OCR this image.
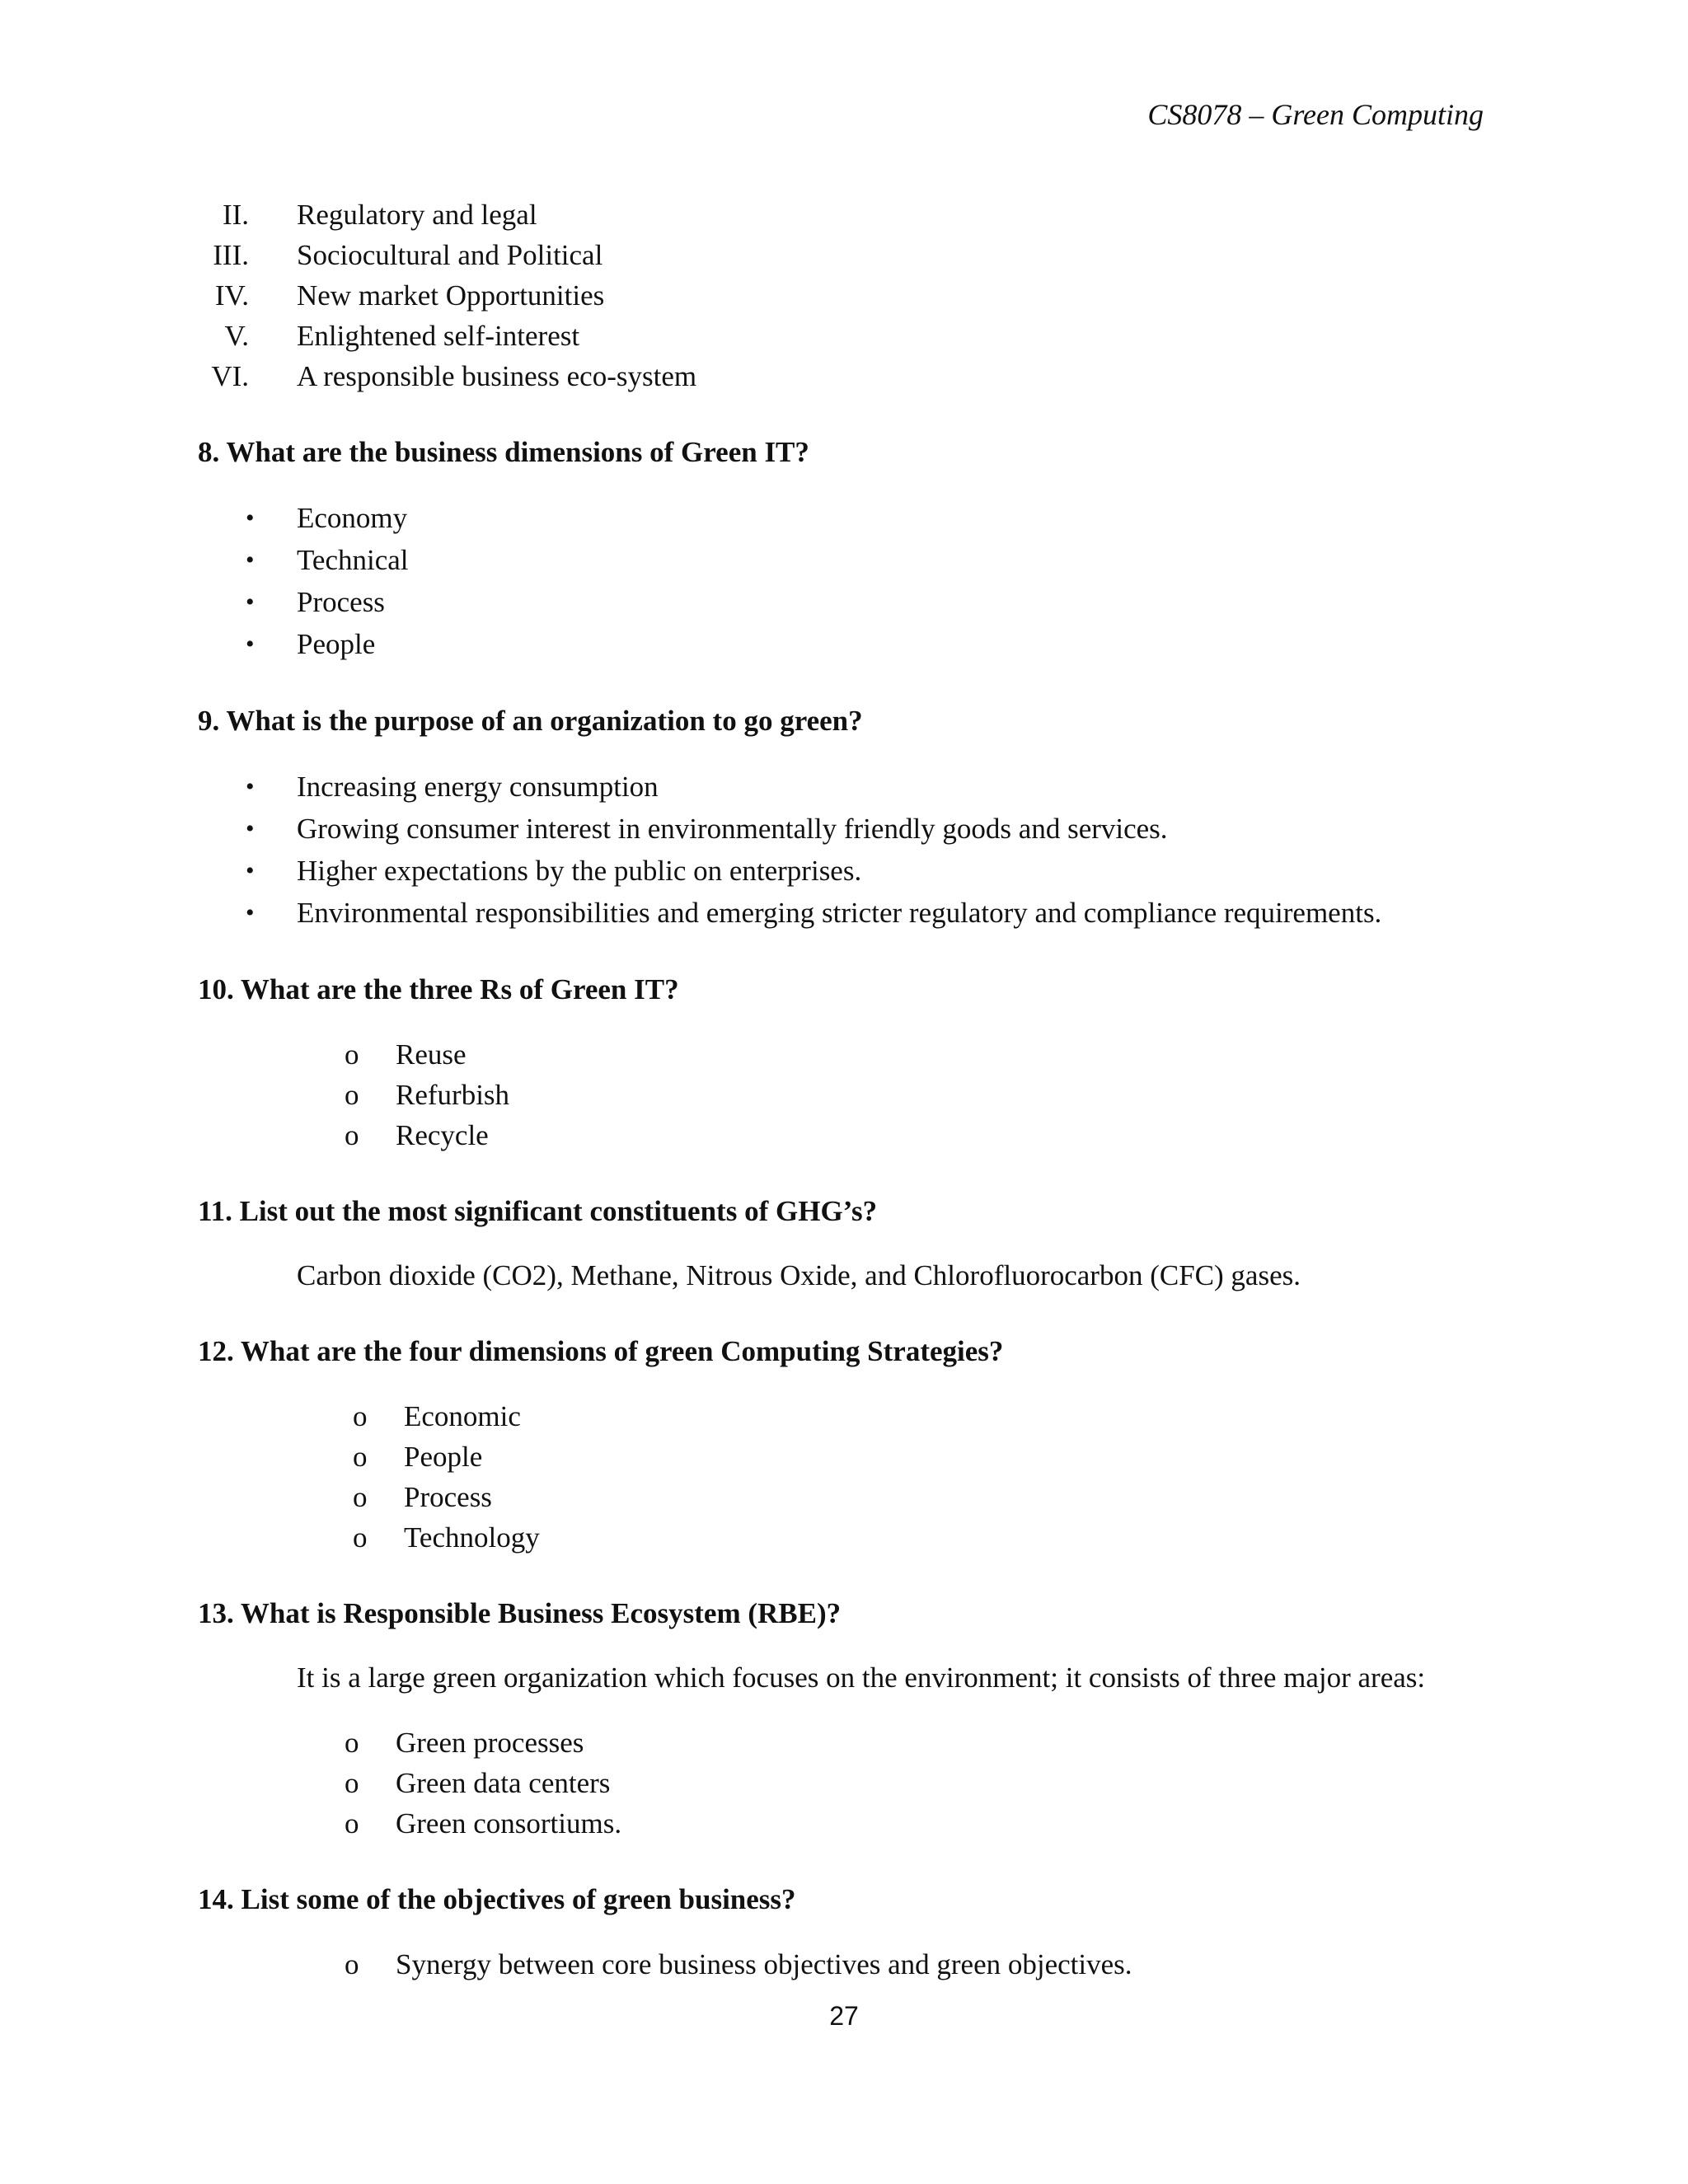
CS8078 – Green Computing
II. Regulatory and legal
III. Sociocultural and Political
IV. New market Opportunities
V. Enlightened self-interest
VI. A responsible business eco-system
8. What are the business dimensions of Green IT?
• Economy
• Technical
• Process
• People
9. What is the purpose of an organization to go green?
• Increasing energy consumption
• Growing consumer interest in environmentally friendly goods and services.
• Higher expectations by the public on enterprises.
• Environmental responsibilities and emerging stricter regulatory and compliance requirements.
10. What are the three Rs of Green IT?
o Reuse
o Refurbish
o Recycle
11. List out the most significant constituents of GHG’s?
Carbon dioxide (CO2), Methane, Nitrous Oxide, and Chlorofluorocarbon (CFC) gases.
12. What are the four dimensions of green Computing Strategies?
o Economic
o People
o Process
o Technology
13. What is Responsible Business Ecosystem (RBE)?
It is a large green organization which focuses on the environment; it consists of three major areas:
o Green processes
o Green data centers
o Green consortiums.
14. List some of the objectives of green business?
o Synergy between core business objectives and green objectives.
27
